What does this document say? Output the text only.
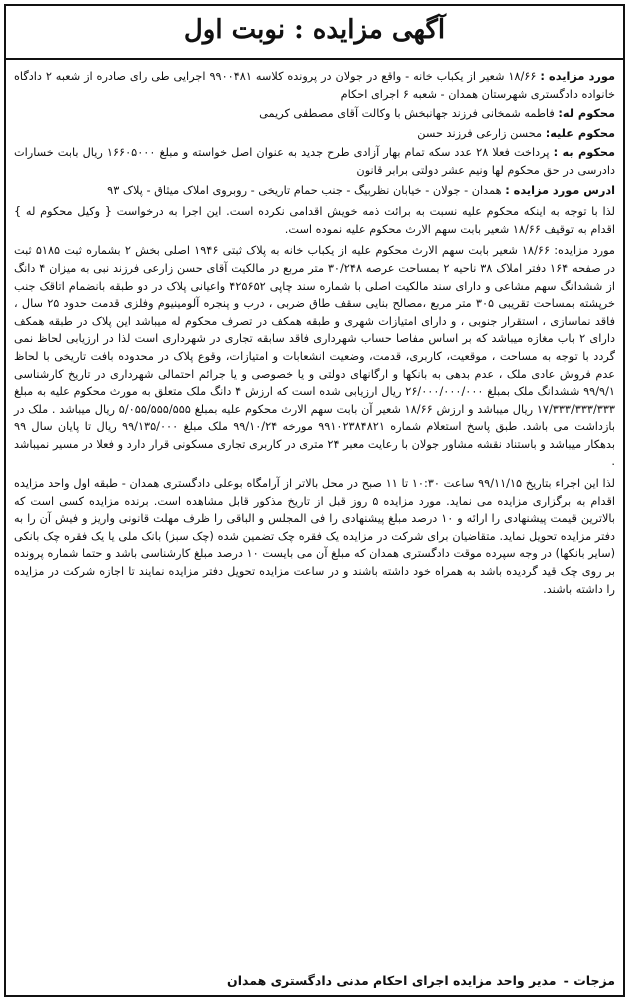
آگهی مزایده : نوبت اول

مورد مزایده : ۱۸/۶۶ شعیر از یکباب خانه - واقع در جولان در پرونده کلاسه ۹۹۰۰۴۸۱ اجرایی طی رای صادره از شعبه ۲ دادگاه خانواده دادگستری شهرستان همدان - شعبه ۶ اجرای احکام

محکوم له: فاطمه شمخانی فرزند جهانبخش با وکالت آقای مصطفی کریمی

محکوم علیه: محسن زارعی فرزند حسن

محکوم به : پرداخت فعلا ۲۸ عدد سکه تمام بهار آزادی طرح جدید به عنوان اصل خواسته و مبلغ ۱۶۶۰۵۰۰۰ ریال بابت خسارات دادرسی در حق محکوم لها ونیم عشر دولتی برابر قانون

ادرس مورد مزایده : همدان - جولان - خیابان نظربیگ - جنب حمام تاریخی - روبروی املاک میثاق - پلاک ۹۳

لذا با توجه به اینکه محکوم علیه نسبت به برائت ذمه خویش اقدامی نکرده است. این اجرا به درخواست { وکیل محکوم له } اقدام به توقیف ۱۸/۶۶ شعیر بابت سهم الارث محکوم علیه نموده است.

مورد مزایده: ۱۸/۶۶ شعیر بابت سهم الارث محکوم علیه از یکباب خانه به پلاک ثبتی ۱۹۴۶ اصلی بخش ۲ بشماره ثبت ۵۱۸۵ ثبت در صفحه ۱۶۴ دفتر املاک ۳۸ ناحیه ۲ بمساحت عرصه ۳۰/۲۴۸ متر مربع در مالکیت آقای حسن زارعی فرزند نبی به میزان ۴ دانگ از ششدانگ سهم مشاعی و دارای سند مالکیت اصلی با شماره سند چاپی ۴۲۵۶۵۲ واعیانی پلاک در دو طبقه بانضمام اتاقک جنب خرپشته بمساحت تقریبی ۳۰۵ متر مربع ،مصالح بنایی سقف طاق ضربی ، درب و پنجره آلومینیوم وفلزی قدمت حدود ۲۵ سال ، فاقد نماسازی ، استقرار جنوبی ، و دارای امتیازات شهری و طبقه همکف در تصرف محکوم له میباشد این پلاک در طبقه همکف دارای ۲ باب مغازه میباشد که بر اساس مفاصا حساب شهرداری فاقد سابقه تجاری در شهرداری است لذا در ارزیابی لحاظ نمی گردد با توجه به مساحت ، موقعیت، کاربری، قدمت، وضعیت انشعابات و امتیازات، وقوع پلاک در محدوده بافت تاریخی با لحاظ عدم فروش عادی ملک ، عدم بدهی به بانکها و ارگانهای دولتی و یا خصوصی و یا جرائم احتمالی شهرداری در تاریخ کارشناسی ۹۹/۹/۱ ششدانگ ملک بمبلغ ۲۶/۰۰۰/۰۰۰/۰۰۰ ریال ارزیابی شده است که ارزش ۴ دانگ ملک متعلق به مورث محکوم علیه به مبلغ ۱۷/۳۳۳/۳۳۳/۳۳۳ ریال میباشد و ارزش ۱۸/۶۶ شعیر آن بابت سهم الارث محکوم علیه بمبلغ ۵/۰۵۵/۵۵۵/۵۵۵ ریال میباشد . ملک در بازداشت می باشد. طبق پاسخ استعلام شماره ۹۹۱۰۲۳۸۴۸۲۱ مورخه ۹۹/۱۰/۲۴ ملک مبلغ ۹۹/۱۳۵/۰۰۰ ریال تا پایان سال ۹۹ بدهکار میباشد و باستناد نقشه مشاور جولان با رعایت معبر ۲۴ متری در کاربری تجاری مسکونی قرار دارد و فعلا در مسیر نمیباشد .

لذا این اجراء بتاریخ ۹۹/۱۱/۱۵ ساعت ۱۰:۳۰ تا ۱۱ صبح در محل بالاتر از آرامگاه بوعلی دادگستری همدان - طبقه اول واحد مزایده اقدام به برگزاری مزایده می نماید. مورد مزایده ۵ روز قبل از تاریخ مذکور قابل مشاهده است. برنده مزایده کسی است که بالاترین قیمت پیشنهادی را ارائه و ۱۰ درصد مبلغ پیشنهادی را فی المجلس و الباقی را ظرف مهلت قانونی واریز و فیش آن را به دفتر مزایده تحویل نماید. متقاضیان برای شرکت در مزایده یک فقره چک تضمین شده (چک سبز) بانک ملی یا یک فقره چک بانکی (سایر بانکها) در وجه سپرده موقت دادگستری همدان که مبلغ آن می بایست ۱۰ درصد مبلغ کارشناسی باشد و حتما شماره پرونده بر روی چک قید گردیده باشد به همراه خود داشته باشند و در ساعت مزایده تحویل دفتر مزایده نمایند تا اجازه شرکت در مزایده را داشته باشند.

مزجات - مدیر واحد مزایده اجرای احکام مدنی دادگستری همدان
